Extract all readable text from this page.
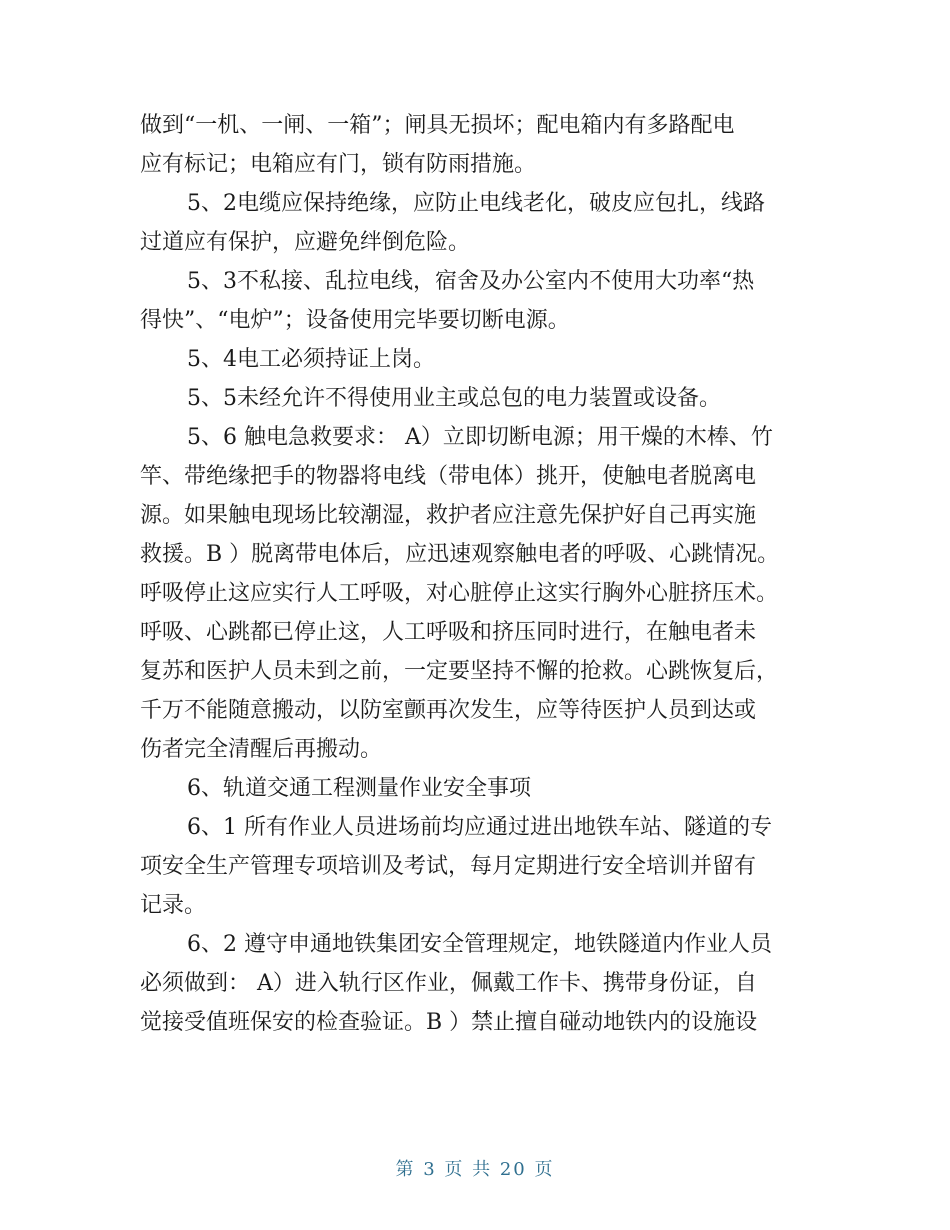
做到“一机、一闸、一箱”；闸具无损坏；配电箱内有多路配电

应有标记；电箱应有门，锁有防雨措施。

5、2电缆应保持绝缘，应防止电线老化，破皮应包扎，线路

过道应有保护，应避免绊倒危险。

5、3不私接、乱拉电线，宿舍及办公室内不使用大功率“热

得快”、“电炉”；设备使用完毕要切断电源。

5、4电工必须持证上岗。

5、5未经允许不得使用业主或总包的电力装置或设备。

5、6 触电急救要求： A）立即切断电源；用干燥的木棒、竹

竿、带绝缘把手的物器将电线（带电体）挑开，使触电者脱离电

源。如果触电现场比较潮湿，救护者应注意先保护好自己再实施

救援。B ）脱离带电体后，应迅速观察触电者的呼吸、心跳情况。

呼吸停止这应实行人工呼吸，对心脏停止这实行胸外心脏挤压术。

呼吸、心跳都已停止这，人工呼吸和挤压同时进行，在触电者未

复苏和医护人员未到之前，一定要坚持不懈的抢救。心跳恢复后，

千万不能随意搬动，以防室颤再次发生，应等待医护人员到达或

伤者完全清醒后再搬动。

6、轨道交通工程测量作业安全事项

6、1 所有作业人员进场前均应通过进出地铁车站、隧道的专

项安全生产管理专项培训及考试，每月定期进行安全培训并留有

记录。

6、2 遵守申通地铁集团安全管理规定，地铁隧道内作业人员

必须做到： A）进入轨行区作业，佩戴工作卡、携带身份证，自

觉接受值班保安的检查验证。B ）禁止擅自碰动地铁内的设施设

第 3 页 共 20 页
